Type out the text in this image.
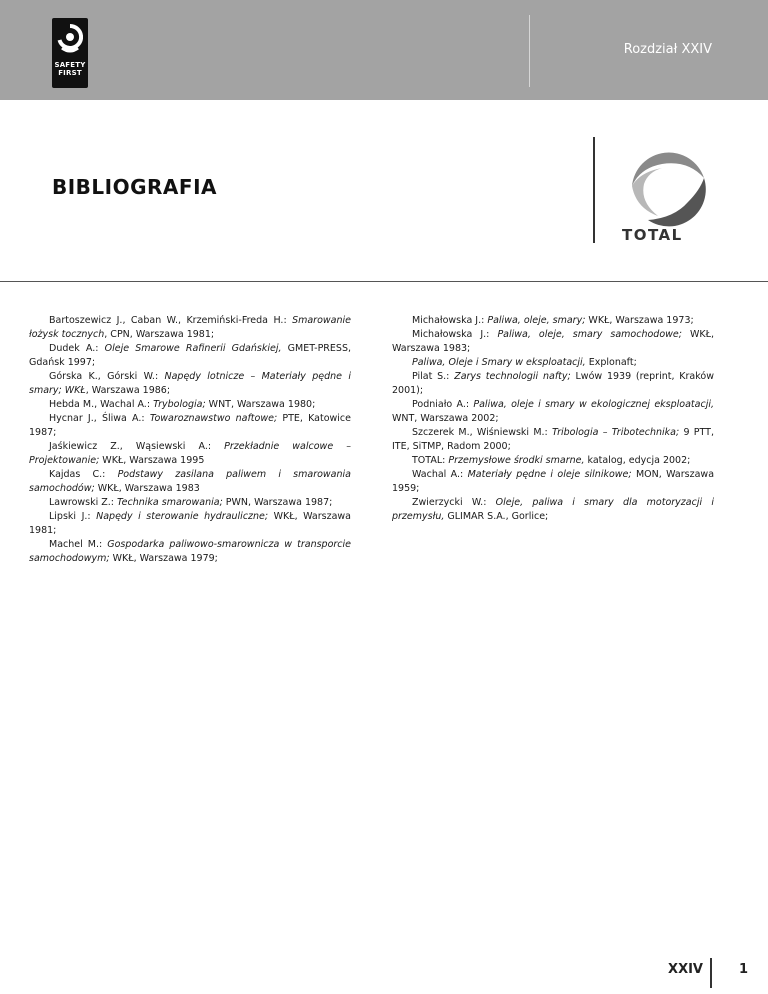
SAFETY FIRST
Rozdział XXIV
BIBLIOGRAFIA
TOTAL

Bartoszewicz J., Caban W., Krzemiński-Freda H.: Smarowanie łożysk tocznych, CPN, Warszawa 1981;

Dudek A.: Oleje Smarowe Rafinerii Gdańskiej, GMET-PRESS, Gdańsk 1997;

Górska K., Górski W.: Napędy lotnicze – Materiały pędne i smary; WKŁ, Warszawa 1986;

Hebda M., Wachal A.: Trybologia; WNT, Warszawa 1980;

Hycnar J., Śliwa A.: Towaroznawstwo naftowe; PTE, Katowice 1987;

Jaśkiewicz Z., Wąsiewski A.: Przekładnie walcowe – Projektowanie; WKŁ, Warszawa 1995

Kajdas C.: Podstawy zasilana paliwem i smarowania samochodów; WKŁ, Warszawa 1983

Lawrowski Z.: Technika smarowania; PWN, Warszawa 1987;

Lipski J.: Napędy i sterowanie hydrauliczne; WKŁ, Warszawa 1981;

Machel M.: Gospodarka paliwowo-smarownicza w transporcie samochodowym; WKŁ, Warszawa 1979;

Michałowska J.: Paliwa, oleje, smary; WKŁ, Warszawa 1973;

Michałowska J.: Paliwa, oleje, smary samochodowe; WKŁ, Warszawa 1983;

Paliwa, Oleje i Smary w eksploatacji, Explonaft;

Pilat S.: Zarys technologii nafty; Lwów 1939 (reprint, Kraków 2001);

Podniało A.: Paliwa, oleje i smary w ekologicznej eksploatacji, WNT, Warszawa 2002;

Szczerek M., Wiśniewski M.: Tribologia – Tribotechnika; 9 PTT, ITE, SiTMP, Radom 2000;

TOTAL: Przemysłowe środki smarne, katalog, edycja 2002;

Wachal A.: Materiały pędne i oleje silnikowe; MON, Warszawa 1959;

Zwierzycki W.: Oleje, paliwa i smary dla motoryzacji i przemysłu, GLIMAR S.A., Gorlice;

XXIV	1
